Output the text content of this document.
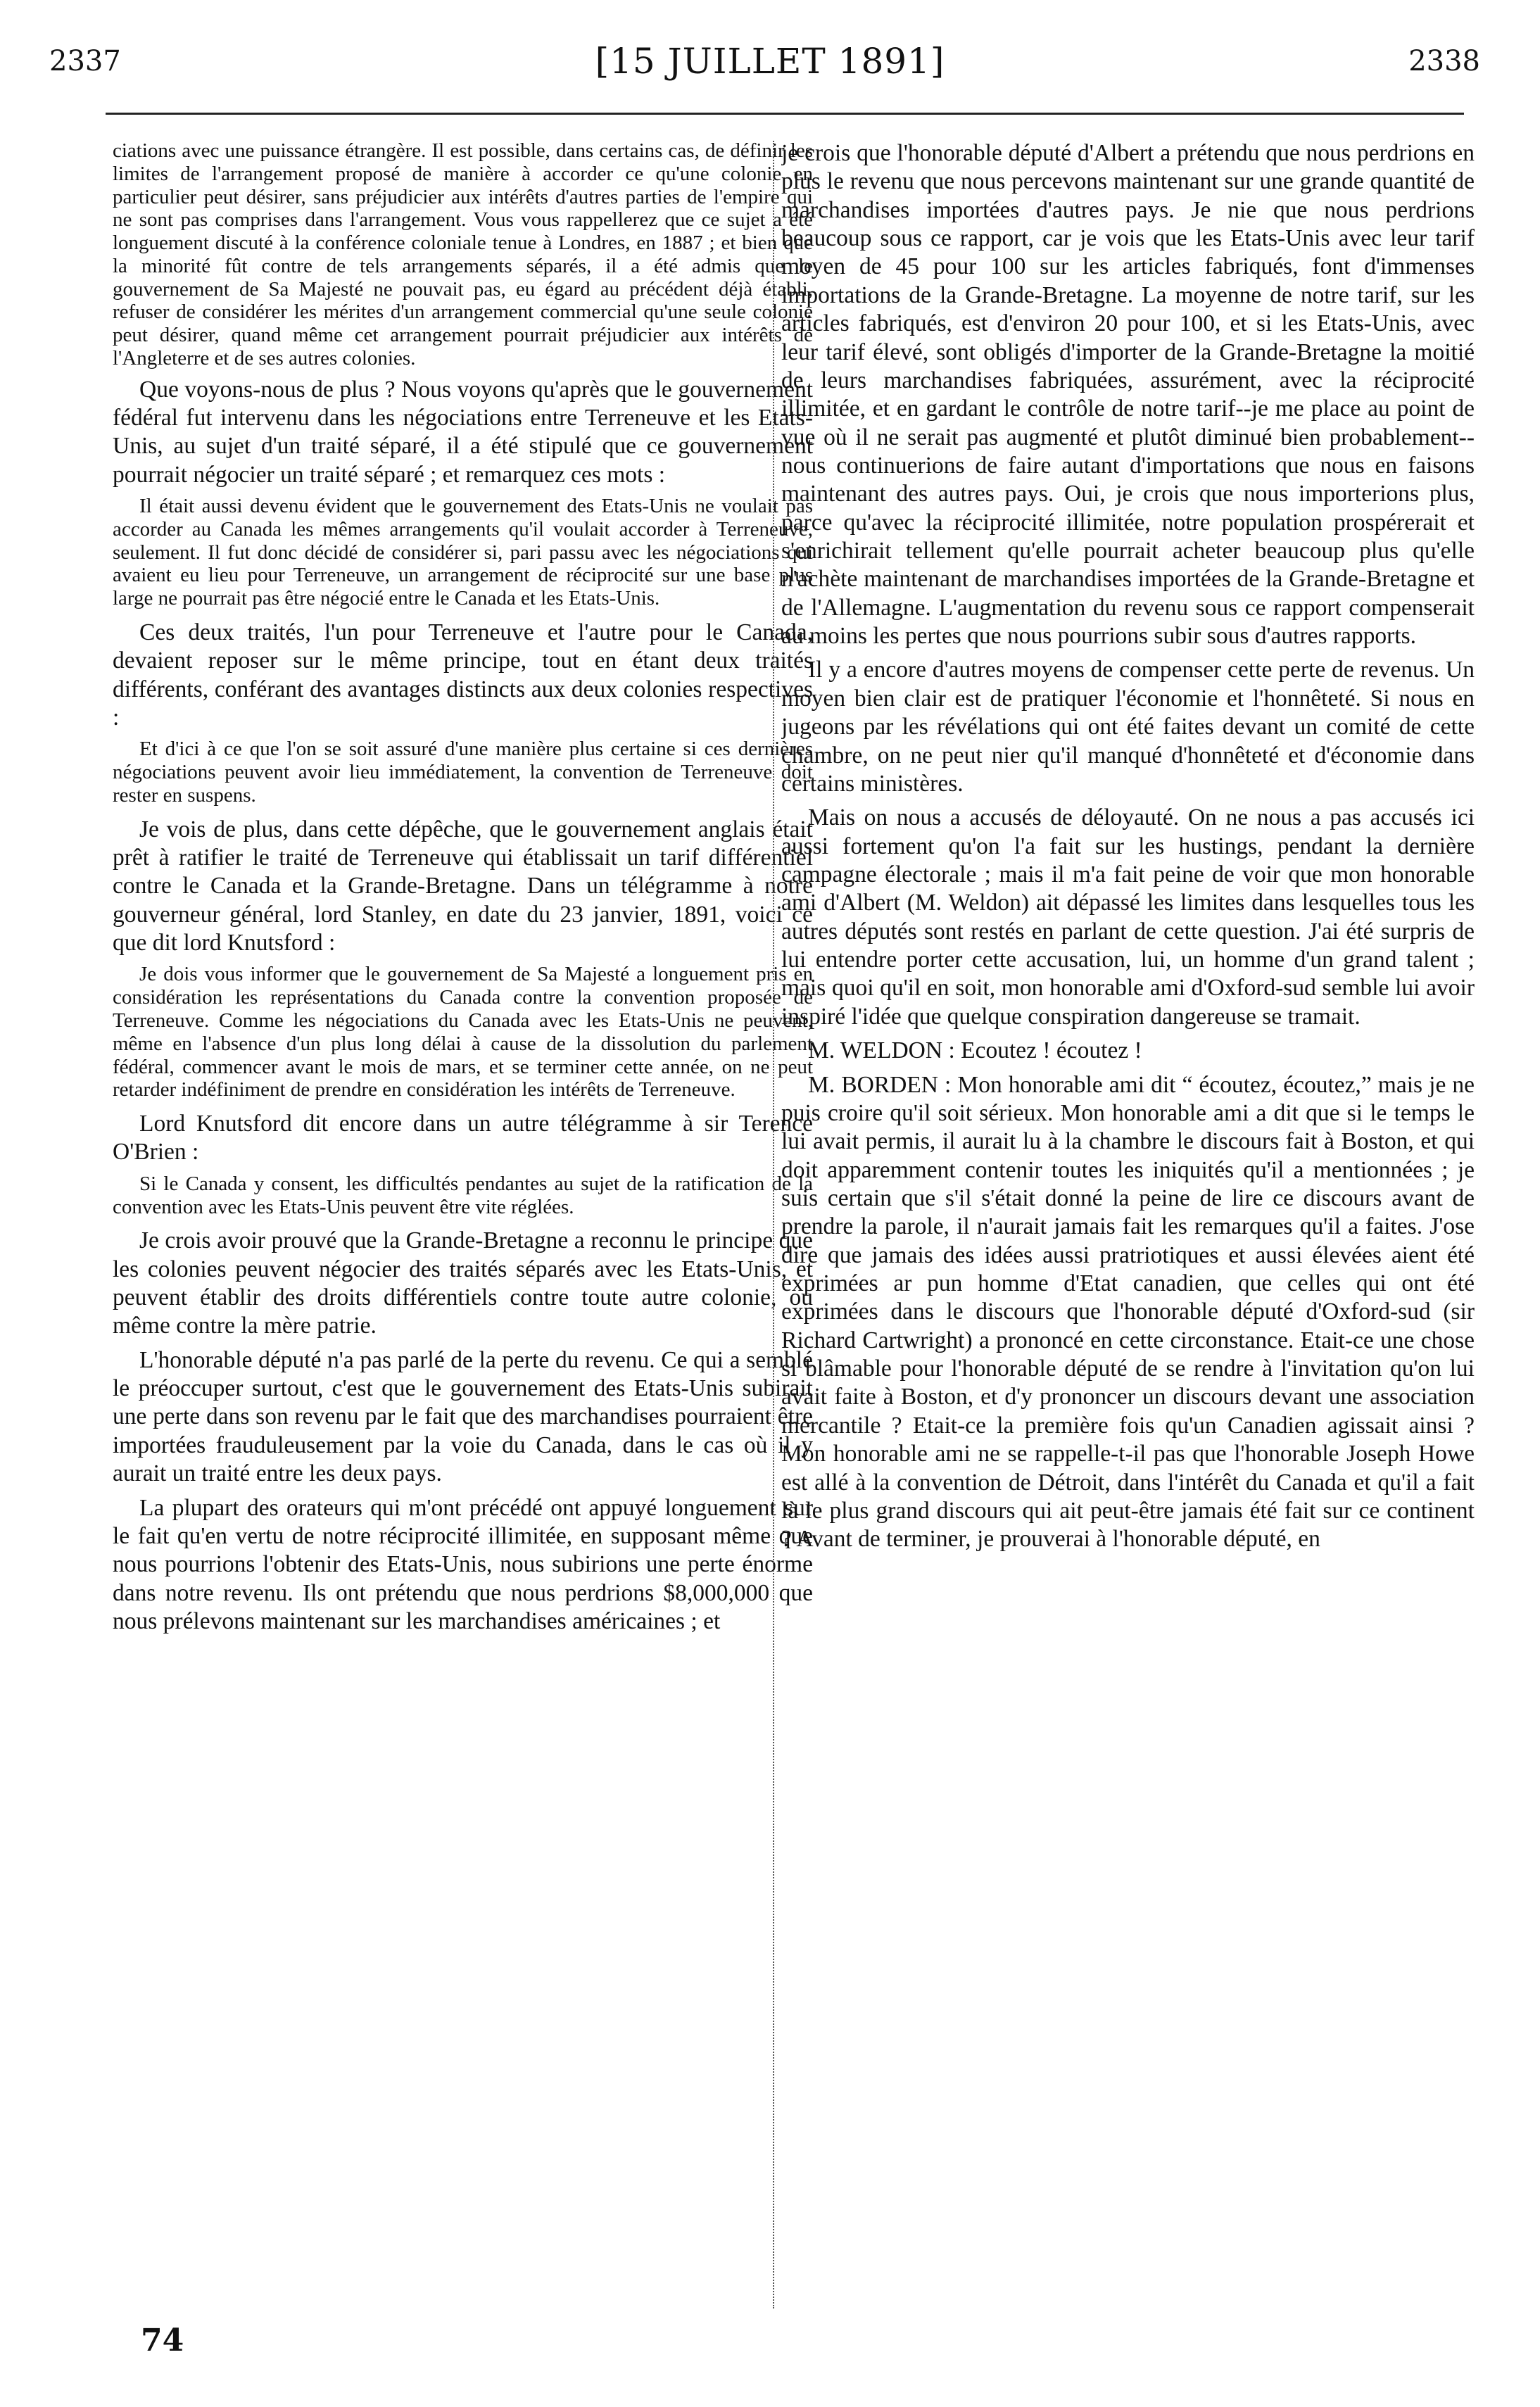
2337	[15 JUILLET 1891]	2338

ciations avec une puissance étrangère. Il est possible, dans certains cas, de définir les limites de l'arrangement proposé de manière à accorder ce qu'une colonie en particulier peut désirer, sans préjudicier aux intérêts d'autres parties de l'empire qui ne sont pas comprises dans l'arrangement. Vous vous rappellerez que ce sujet a été longuement discuté à la conférence coloniale tenue à Londres, en 1887 ; et bien que la minorité fût contre de tels arrangements séparés, il a été admis que le gouvernement de Sa Majesté ne pouvait pas, eu égard au précédent déjà établi, refuser de considérer les mérites d'un arrangement commercial qu'une seule colonie peut désirer, quand même cet arrangement pourrait préjudicier aux intérêts de l'Angleterre et de ses autres colonies.

Que voyons-nous de plus ? Nous voyons qu'après que le gouvernement fédéral fut intervenu dans les négociations entre Terreneuve et les Etats-Unis, au sujet d'un traité séparé, il a été stipulé que ce gouvernement pourrait négocier un traité séparé ; et remarquez ces mots :

Il était aussi devenu évident que le gouvernement des Etats-Unis ne voulait pas accorder au Canada les mêmes arrangements qu'il voulait accorder à Terreneuve, seulement. Il fut donc décidé de considérer si, pari passu avec les négociations qui avaient eu lieu pour Terreneuve, un arrangement de réciprocité sur une base plus large ne pourrait pas être négocié entre le Canada et les Etats-Unis.

Ces deux traités, l'un pour Terreneuve et l'autre pour le Canada, devaient reposer sur le même principe, tout en étant deux traités différents, conférant des avantages distincts aux deux colonies respectives :

Et d'ici à ce que l'on se soit assuré d'une manière plus certaine si ces dernières négociations peuvent avoir lieu immédiatement, la convention de Terreneuve doit rester en suspens.

Je vois de plus, dans cette dépêche, que le gouvernement anglais était prêt à ratifier le traité de Terreneuve qui établissait un tarif différentiel contre le Canada et la Grande-Bretagne. Dans un télégramme à notre gouverneur général, lord Stanley, en date du 23 janvier, 1891, voici ce que dit lord Knutsford :

Je dois vous informer que le gouvernement de Sa Majesté a longuement pris en considération les représentations du Canada contre la convention proposée de Terreneuve. Comme les négociations du Canada avec les Etats-Unis ne peuvent, même en l'absence d'un plus long délai à cause de la dissolution du parlement fédéral, commencer avant le mois de mars, et se terminer cette année, on ne peut retarder indéfiniment de prendre en considération les intérêts de Terreneuve.

Lord Knutsford dit encore dans un autre télégramme à sir Terence O'Brien :

Si le Canada y consent, les difficultés pendantes au sujet de la ratification de la convention avec les Etats-Unis peuvent être vite réglées.

Je crois avoir prouvé que la Grande-Bretagne a reconnu le principe que les colonies peuvent négocier des traités séparés avec les Etats-Unis, et peuvent établir des droits différentiels contre toute autre colonie, ou même contre la mère patrie.

L'honorable député n'a pas parlé de la perte du revenu. Ce qui a semblé le préoccuper surtout, c'est que le gouvernement des Etats-Unis subirait une perte dans son revenu par le fait que des marchandises pourraient être importées frauduleusement par la voie du Canada, dans le cas où il y aurait un traité entre les deux pays.

La plupart des orateurs qui m'ont précédé ont appuyé longuement sur le fait qu'en vertu de notre réciprocité illimitée, en supposant même que nous pourrions l'obtenir des Etats-Unis, nous subirions une perte énorme dans notre revenu. Ils ont prétendu que nous perdrions $8,000,000 que nous prélevons maintenant sur les marchandises américaines ; et

je crois que l'honorable député d'Albert a prétendu que nous perdrions en plus le revenu que nous percevons maintenant sur une grande quantité de marchandises importées d'autres pays. Je nie que nous perdrions beaucoup sous ce rapport, car je vois que les Etats-Unis avec leur tarif moyen de 45 pour 100 sur les articles fabriqués, font d'immenses importations de la Grande-Bretagne. La moyenne de notre tarif, sur les articles fabriqués, est d'environ 20 pour 100, et si les Etats-Unis, avec leur tarif élevé, sont obligés d'importer de la Grande-Bretagne la moitié de leurs marchandises fabriquées, assurément, avec la réciprocité illimitée, et en gardant le contrôle de notre tarif--je me place au point de vue où il ne serait pas augmenté et plutôt diminué bien probablement--nous continuerions de faire autant d'importations que nous en faisons maintenant des autres pays. Oui, je crois que nous importerions plus, parce qu'avec la réciprocité illimitée, notre population prospérerait et s'enrichirait tellement qu'elle pourrait acheter beaucoup plus qu'elle n'achète maintenant de marchandises importées de la Grande-Bretagne et de l'Allemagne. L'augmentation du revenu sous ce rapport compenserait au moins les pertes que nous pourrions subir sous d'autres rapports.

Il y a encore d'autres moyens de compenser cette perte de revenus. Un moyen bien clair est de pratiquer l'économie et l'honnêteté. Si nous en jugeons par les révélations qui ont été faites devant un comité de cette chambre, on ne peut nier qu'il manqué d'honnêteté et d'économie dans certains ministères.

Mais on nous a accusés de déloyauté. On ne nous a pas accusés ici aussi fortement qu'on l'a fait sur les hustings, pendant la dernière campagne électorale ; mais il m'a fait peine de voir que mon honorable ami d'Albert (M. Weldon) ait dépassé les limites dans lesquelles tous les autres députés sont restés en parlant de cette question. J'ai été surpris de lui entendre porter cette accusation, lui, un homme d'un grand talent ; mais quoi qu'il en soit, mon honorable ami d'Oxford-sud semble lui avoir inspiré l'idée que quelque conspiration dangereuse se tramait.

M. WELDON : Ecoutez ! écoutez !

M. BORDEN : Mon honorable ami dit “ écoutez, écoutez,” mais je ne puis croire qu'il soit sérieux. Mon honorable ami a dit que si le temps le lui avait permis, il aurait lu à la chambre le discours fait à Boston, et qui doit apparemment contenir toutes les iniquités qu'il a mentionnées ; je suis certain que s'il s'était donné la peine de lire ce discours avant de prendre la parole, il n'aurait jamais fait les remarques qu'il a faites. J'ose dire que jamais des idées aussi pratriotiques et aussi élevées aient été exprimées ar pun homme d'Etat canadien, que celles qui ont été exprimées dans le discours que l'honorable député d'Oxford-sud (sir Richard Cartwright) a prononcé en cette circonstance. Etait-ce une chose si blâmable pour l'honorable député de se rendre à l'invitation qu'on lui avait faite à Boston, et d'y prononcer un discours devant une association mercantile ? Etait-ce la première fois qu'un Canadien agissait ainsi ? Mon honorable ami ne se rappelle-t-il pas que l'honorable Joseph Howe est allé à la convention de Détroit, dans l'intérêt du Canada et qu'il a fait là le plus grand discours qui ait peut-être jamais été fait sur ce continent ? Avant de terminer, je prouverai à l'honorable député, en

74
